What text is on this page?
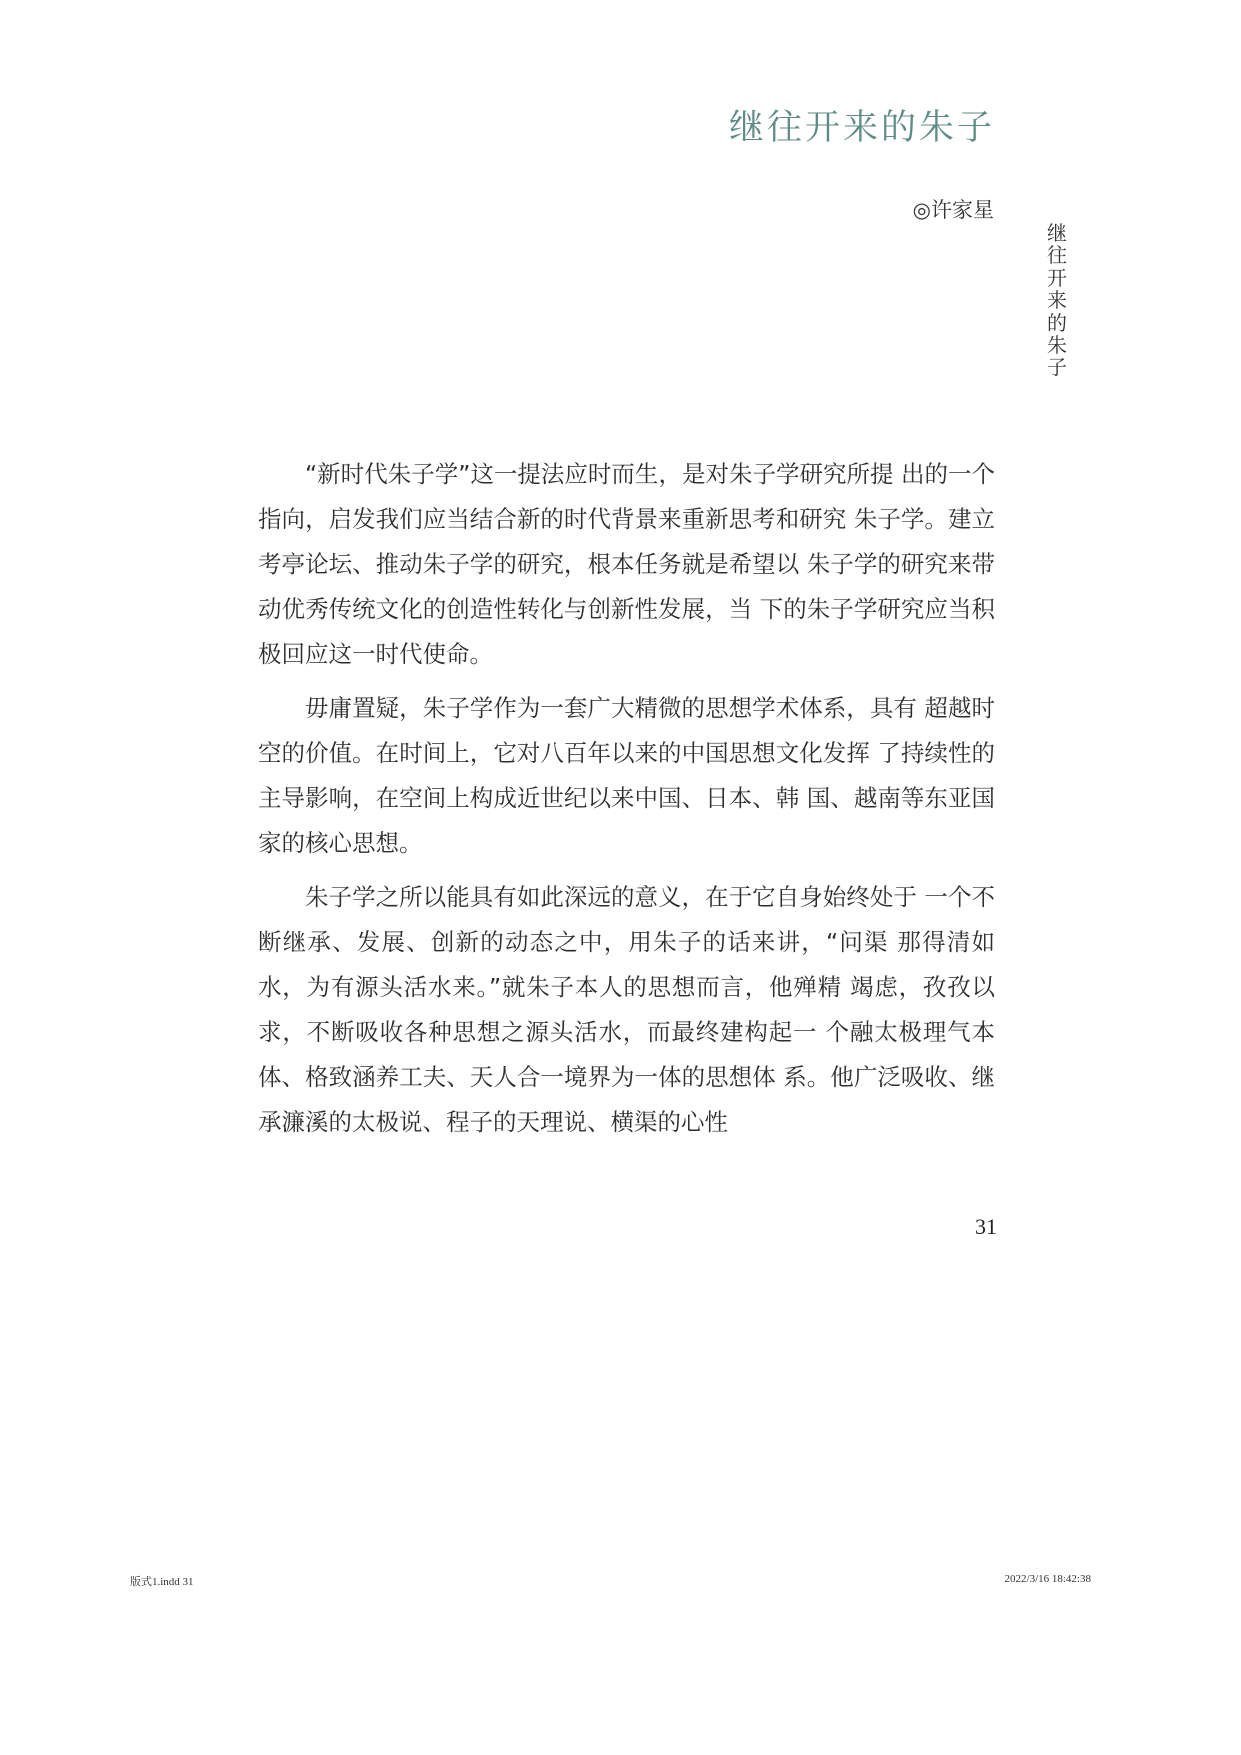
继往开来的朱子
◎许家星
继往开来的朱子

“新时代朱子学”这一提法应时而生，是对朱子学研究所提 出的一个指向，启发我们应当结合新的时代背景来重新思考和研究 朱子学。建立考亭论坛、推动朱子学的研究，根本任务就是希望以 朱子学的研究来带动优秀传统文化的创造性转化与创新性发展，当 下的朱子学研究应当积极回应这一时代使命。

毋庸置疑，朱子学作为一套广大精微的思想学术体系，具有 超越时空的价值。在时间上，它对八百年以来的中国思想文化发挥 了持续性的主导影响，在空间上构成近世纪以来中国、日本、韩 国、越南等东亚国家的核心思想。

朱子学之所以能具有如此深远的意义，在于它自身始终处于 一个不断继承、发展、创新的动态之中，用朱子的话来讲，“问渠 那得清如水，为有源头活水来。”就朱子本人的思想而言，他殚精 竭虑，孜孜以求，不断吸收各种思想之源头活水，而最终建构起一 个融太极理气本体、格致涵养工夫、天人合一境界为一体的思想体 系。他广泛吸收、继承濂溪的太极说、程子的天理说、横渠的心性

31
版式1.indd 31	2022/3/16 18:42:38
